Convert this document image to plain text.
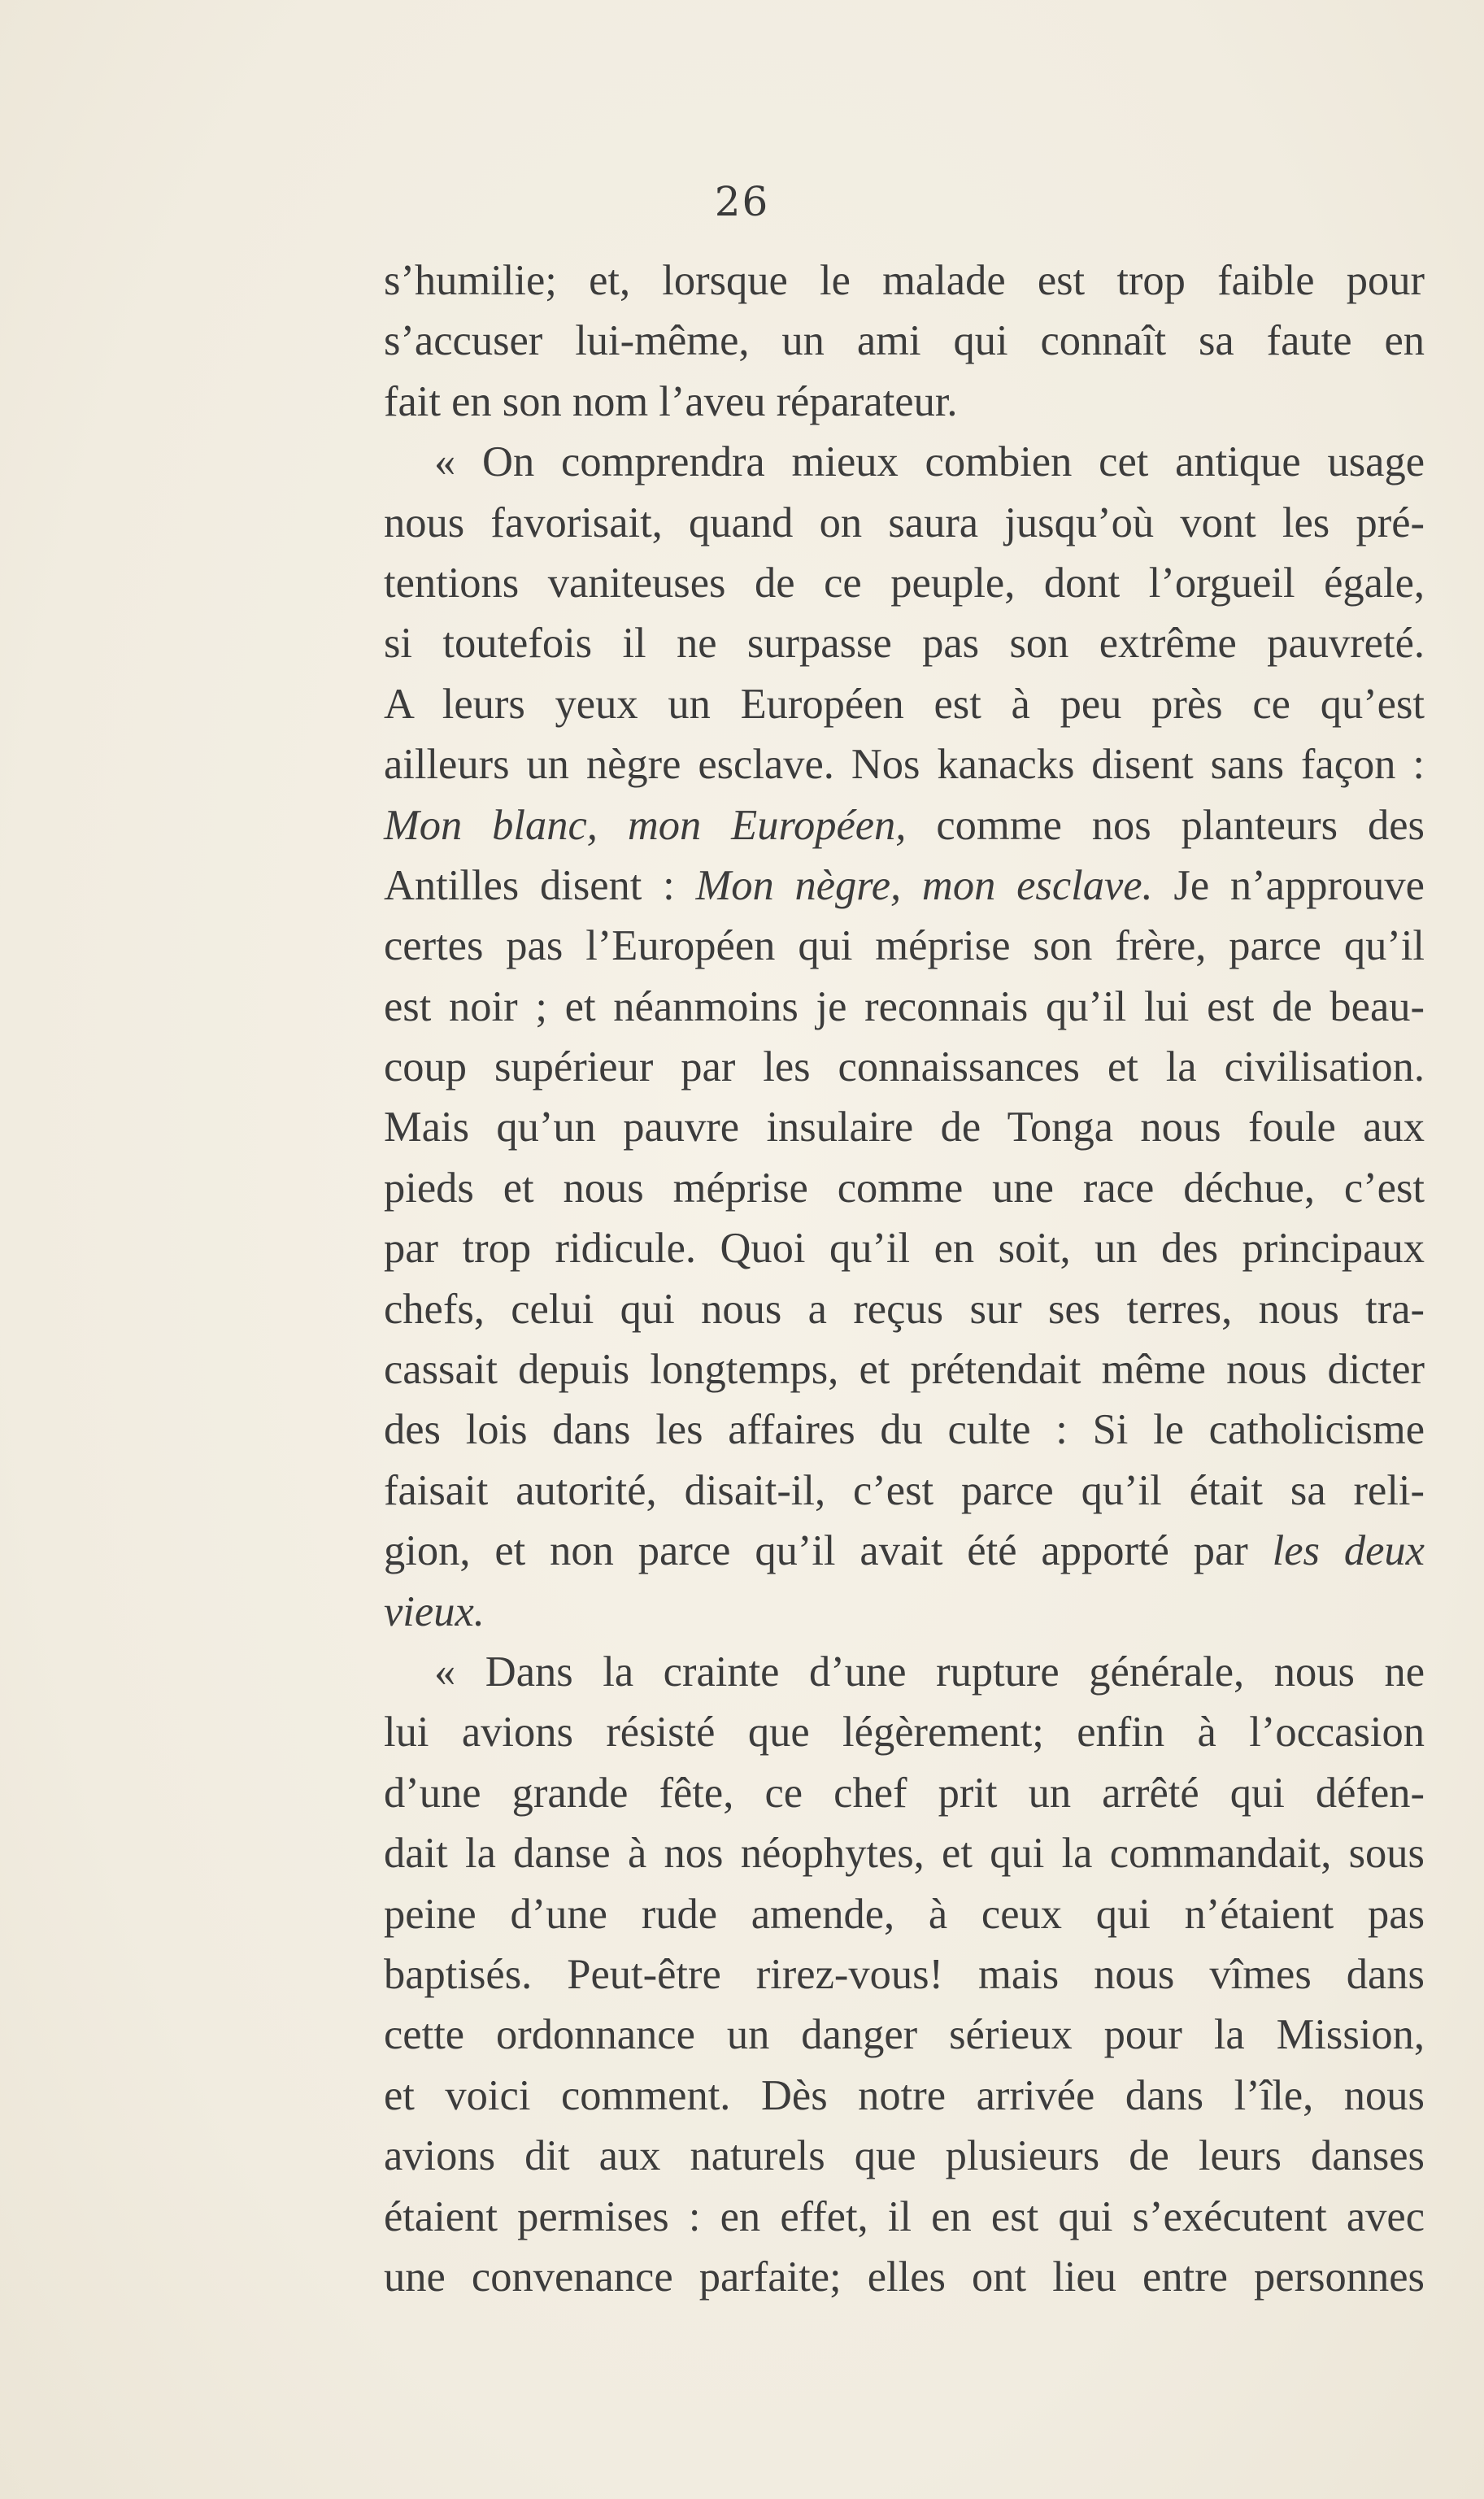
26
s’humilie; et, lorsque le malade est trop faible pour
s’accuser lui-même, un ami qui connaît sa faute en
fait en son nom l’aveu réparateur.
« On comprendra mieux combien cet antique usage
nous favorisait, quand on saura jusqu’où vont les pré-
tentions vaniteuses de ce peuple, dont l’orgueil égale,
si toutefois il ne surpasse pas son extrême pauvreté.
A leurs yeux un Européen est à peu près ce qu’est
ailleurs un nègre esclave. Nos kanacks disent sans façon :
Mon blanc, mon Européen, comme nos planteurs des
Antilles disent : Mon nègre, mon esclave. Je n’approuve
certes pas l’Européen qui méprise son frère, parce qu’il
est noir ; et néanmoins je reconnais qu’il lui est de beau-
coup supérieur par les connaissances et la civilisation.
Mais qu’un pauvre insulaire de Tonga nous foule aux
pieds et nous méprise comme une race déchue, c’est
par trop ridicule. Quoi qu’il en soit, un des principaux
chefs, celui qui nous a reçus sur ses terres, nous tra-
cassait depuis longtemps, et prétendait même nous dicter
des lois dans les affaires du culte : Si le catholicisme
faisait autorité, disait-il, c’est parce qu’il était sa reli-
gion, et non parce qu’il avait été apporté par les deux
vieux.
« Dans la crainte d’une rupture générale, nous ne
lui avions résisté que légèrement; enfin à l’occasion
d’une grande fête, ce chef prit un arrêté qui défen-
dait la danse à nos néophytes, et qui la commandait, sous
peine d’une rude amende, à ceux qui n’étaient pas
baptisés. Peut-être rirez-vous! mais nous vîmes dans
cette ordonnance un danger sérieux pour la Mission,
et voici comment. Dès notre arrivée dans l’île, nous
avions dit aux naturels que plusieurs de leurs danses
étaient permises : en effet, il en est qui s’exécutent avec
une convenance parfaite; elles ont lieu entre personnes
